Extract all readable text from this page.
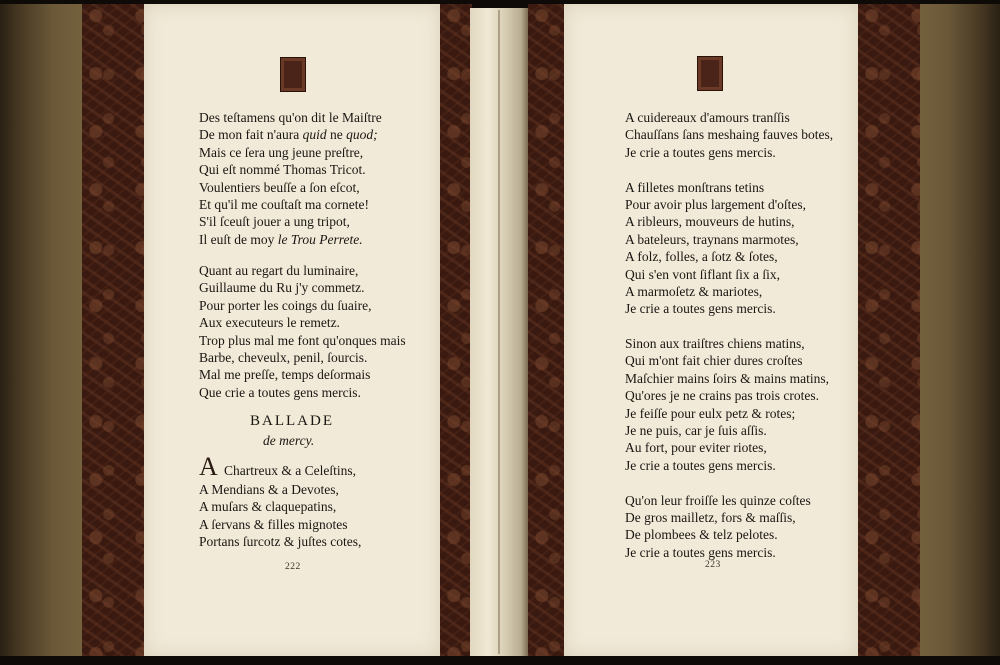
Des teſtamens qu'on dit le Maiſtre
De mon fait n'aura quid ne quod;
Mais ce ſera ung jeune preſtre,
Qui eſt nommé Thomas Tricot.
Voulentiers beuſſe a ſon eſcot,
Et qu'il me couſtaſt ma cornete!
S'il ſceuſt jouer a ung tripot,
Il euſt de moy le Trou Perrete.
Quant au regart du luminaire,
Guillaume du Ru j'y commetz.
Pour porter les coings du ſuaire,
Aux executeurs le remetz.
Trop plus mal me font qu'onques mais
Barbe, cheveulx, penil, ſourcis.
Mal me preſſe, temps deſormais
Que crie a toutes gens mercis.
BALLADE
de mercy.
A Chartreux & a Celeſtins,
A Mendians & a Devotes,
A muſars & claquepatins,
A ſervans & filles mignotes
Portans ſurcotz & juſtes cotes,
222
A cuidereaux d'amours tranſſis
Chauſſans ſans meshaing fauves botes,
Je crie a toutes gens mercis.
A filletes monſtrans tetins
Pour avoir plus largement d'oſtes,
A ribleurs, mouveurs de hutins,
A bateleurs, traynans marmotes,
A folz, folles, a ſotz & ſotes,
Qui s'en vont ſiflant ſix a ſix,
A marmoſetz & mariotes,
Je crie a toutes gens mercis.
Sinon aux traiſtres chiens matins,
Qui m'ont fait chier dures croſtes
Maſchier mains ſoirs & mains matins,
Qu'ores je ne crains pas trois crotes.
Je feiſſe pour eulx petz & rotes;
Je ne puis, car je ſuis aſſis.
Au fort, pour eviter riotes,
Je crie a toutes gens mercis.
Qu'on leur froiſſe les quinze coſtes
De gros mailletz, fors & maſſis,
De plombees & telz pelotes.
Je crie a toutes gens mercis.
223
